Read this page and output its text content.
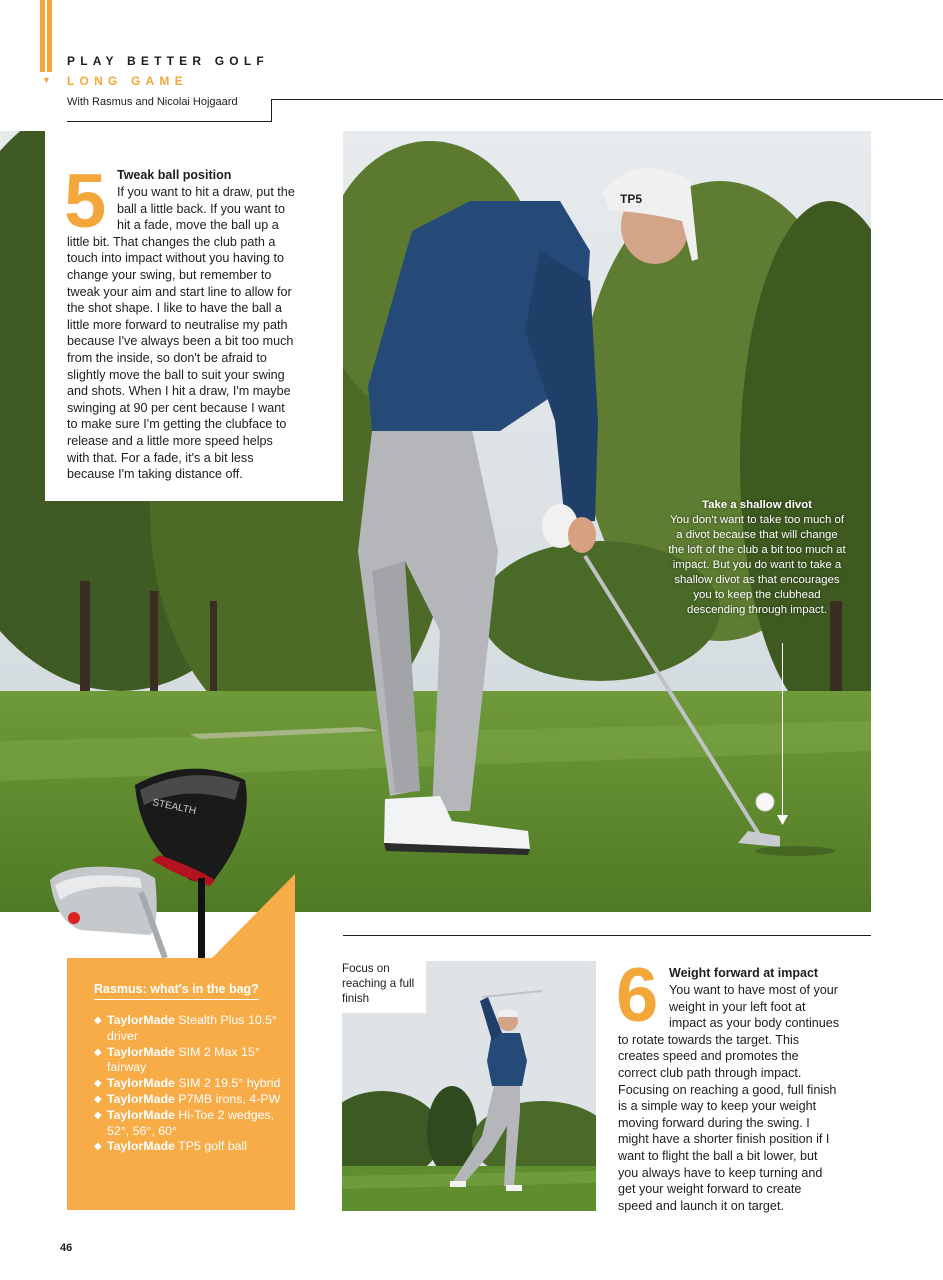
PLAY BETTER GOLF
▼ LONG GAME
With Rasmus and Nicolai Hojgaard
TP5
STEALTH
5 Tweak ball position
If you want to hit a draw, put the
ball a little back. If you want to
hit a fade, move the ball up a
little bit. That changes the club path a
touch into impact without you having to
change your swing, but remember to
tweak your aim and start line to allow for
the shot shape. I like to have the ball a
little more forward to neutralise my path
because I've always been a bit too much
from the inside, so don't be afraid to
slightly move the ball to suit your swing
and shots. When I hit a draw, I'm maybe
swinging at 90 per cent because I want
to make sure I'm getting the clubface to
release and a little more speed helps
with that. For a fade, it's a bit less
because I'm taking distance off.
Take a shallow divot
You don't want to take too much of a divot because that will change the loft of the club a bit too much at impact. But you do want to take a shallow divot as that encourages you to keep the clubhead descending through impact.
Rasmus: what's in the bag?
◆ TaylorMade Stealth Plus 10.5° driver
◆ TaylorMade SIM 2 Max 15° fairway
◆ TaylorMade SIM 2 19.5° hybrid
◆ TaylorMade P7MB irons, 4-PW
◆ TaylorMade Hi-Toe 2 wedges, 52°, 56°, 60°
◆ TaylorMade TP5 golf ball
Focus on reaching a full finish	6 Weight forward at impact
You want to have most of your
weight in your left foot at
impact as your body continues
to rotate towards the target. This
creates speed and promotes the
correct club path through impact.
Focusing on reaching a good, full finish
is a simple way to keep your weight
moving forward during the swing. I
might have a shorter finish position if I
want to flight the ball a bit lower, but
you always have to keep turning and
get your weight forward to create
speed and launch it on target.
46
